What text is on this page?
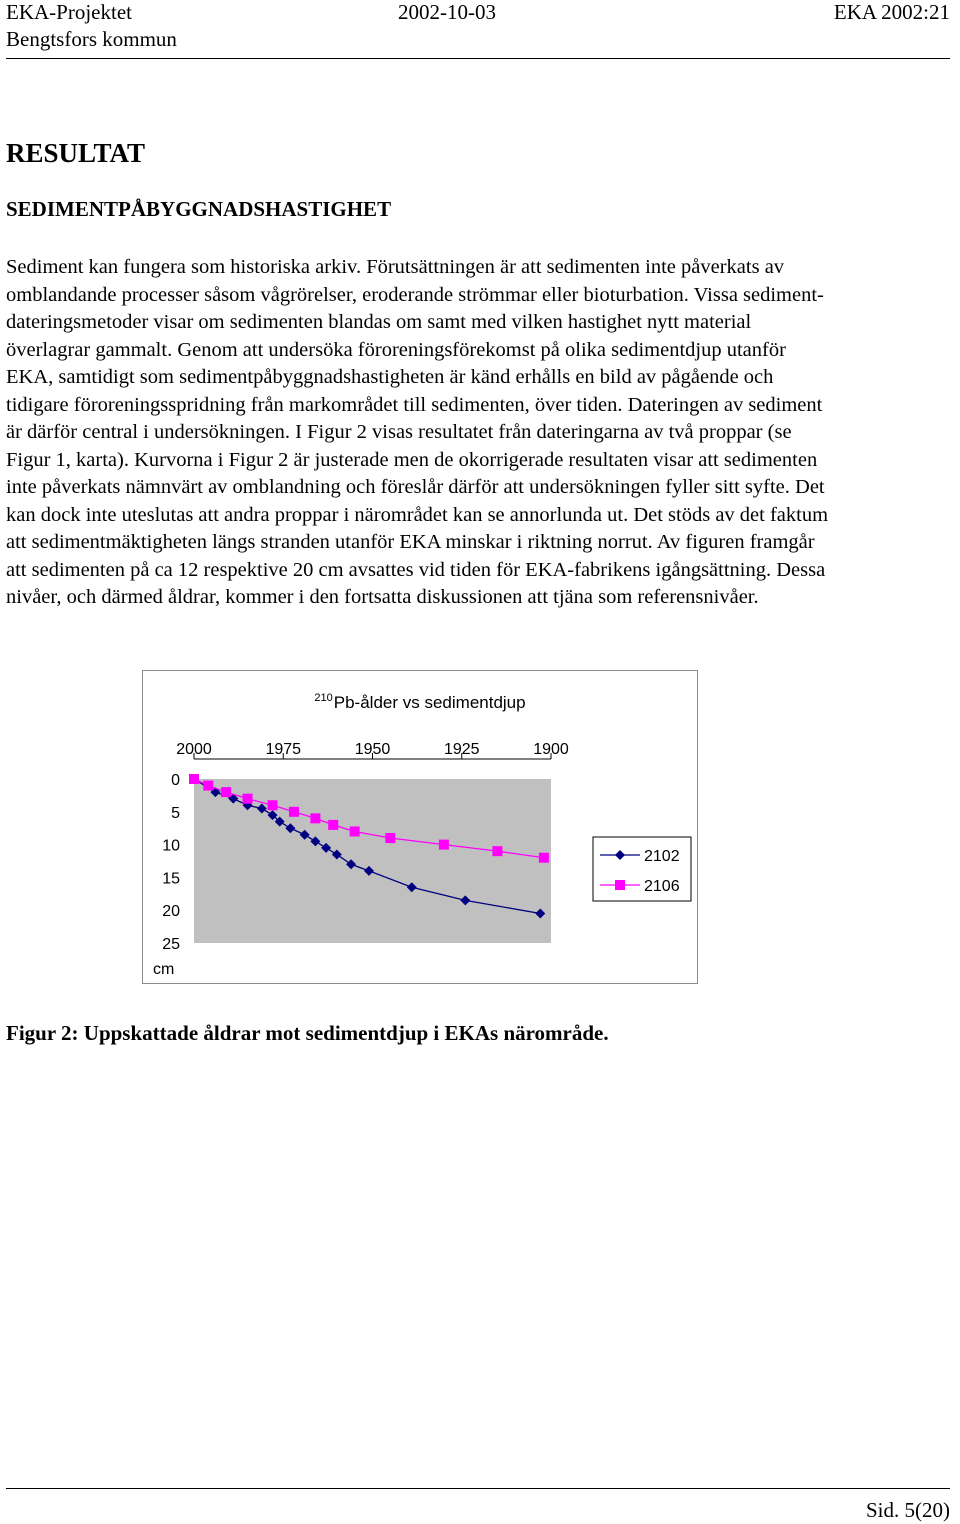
EKA-Projektet
Bengtsfors kommun
2002-10-03	EKA 2002:21
RESULTAT
SEDIMENTPÅBYGGNADSHASTIGHET

Sediment kan fungera som historiska arkiv. Förutsättningen är att sedimenten inte påverkats av

omblandande processer såsom vågrörelser, eroderande strömmar eller bioturbation. Vissa sediment-

dateringsmetoder visar om sedimenten blandas om samt med vilken hastighet nytt material

överlagrar gammalt. Genom att undersöka föroreningsförekomst på olika sedimentdjup utanför

EKA, samtidigt som sedimentpåbyggnadshastigheten är känd erhålls en bild av pågående och

tidigare föroreningsspridning från markområdet till sedimenten, över tiden. Dateringen av sediment

är därför central i undersökningen. I Figur 2 visas resultatet från dateringarna av två proppar (se

Figur 1, karta). Kurvorna i Figur 2 är justerade men de okorrigerade resultaten visar att sedimenten

inte påverkats nämnvärt av omblandning och föreslår därför att undersökningen fyller sitt syfte. Det

kan dock inte uteslutas att andra proppar i närområdet kan se annorlunda ut. Det stöds av det faktum

att sedimentmäktigheten längs stranden utanför EKA minskar i riktning norrut. Av figuren framgår

att sedimenten på ca 12 respektive 20 cm avsattes vid tiden för EKA-fabrikens igångsättning. Dessa

nivåer, och därmed åldrar, kommer i den fortsatta diskussionen att tjäna som referensnivåer.

$^{210}$Pb-ålder vs sedimentdjup
2000	1975	1950	1925	1900
0
5
10
15
20
25
cm
2102
2106
Figur 2: Uppskattade åldrar mot sedimentdjup i EKAs närområde.
Sid. 5(20)
